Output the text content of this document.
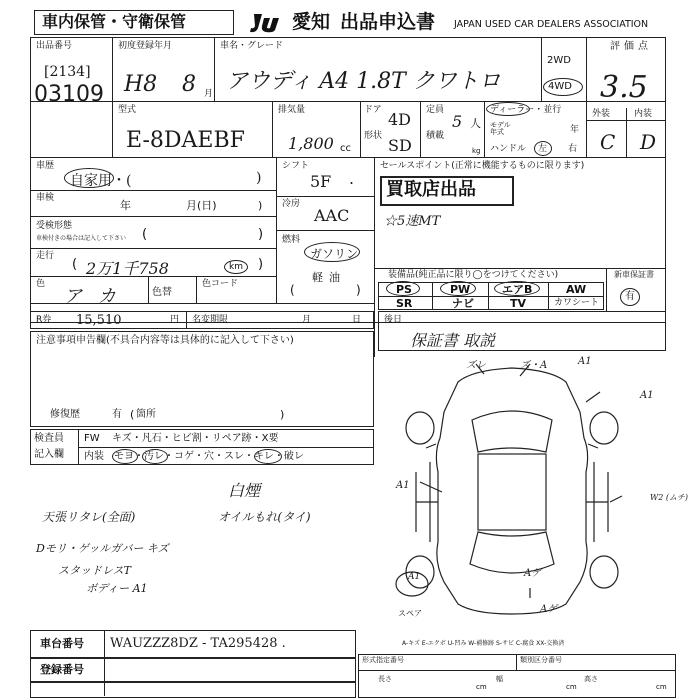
車内保管・守衛保管	愛知 出品申込書 JAPAN USED CAR DEALERS ASSOCIATION
出品番号
[2134]
03109
初度登録年月
H8 8 月
車名・グレード
アウディ A4 1.8T クワトロ
2WD
4WD
評価点
3.5
型式
E-8DAEBF
排気量
1,800 cc
ドア 4D
形状 SD
定員
5 人
積載
kg
ディーラー・並行
モデル年式	年
ハンドル 左 右
外装	内装
C D
車歴
自家用・(	)
車検
年	月(日)	)
受検形態
車検付きの場合は記入して下さい (	)
走行
2万1千758	km
(	)
色
アカ 色替
色コード
シフト
5F ・
冷房
AAC
燃料
ガソリン
軽油
(	)
セールスポイント(正常に機能するものに限ります)
買取店出品
☆5速MT
装備品(純正品に限り◯をつけてください)
PS	PW	エアB	AW
SR	ナビ	TV	カワシート
新車保証書
有
R券 15,510	円 名変期限	月	日	後日
保証書 取説
注意事項申告欄(不具合内容等は具体的に記入して下さい)
修復歴	有 ( 箇所	)
検査員
記入欄
FW キズ・凡石・ヒビ割・リペア跡・X要
内装 モヨ・汚レ・コゲ・穴・スレ・キレ・破レ
白煙
天張リタレ(全面)	オイルもれ(タイ)
Dモリ・ゲッルガバー キズ
スタッドレスT
ボディー A1
ズレ	ズ・A	A1
A1
W2 (ムチ)
A1
Aゲ
Aゲ
A1
スペア
A-キズ E-エクボ U-凹み W-補修跡 S-サビ C-腐食 XX-交換済
車台番号 WAUZZZ8DZ - TA295428 .
登録番号
形式指定番号	類別区分番号
長さ
cm
幅
cm
高さ
cm
